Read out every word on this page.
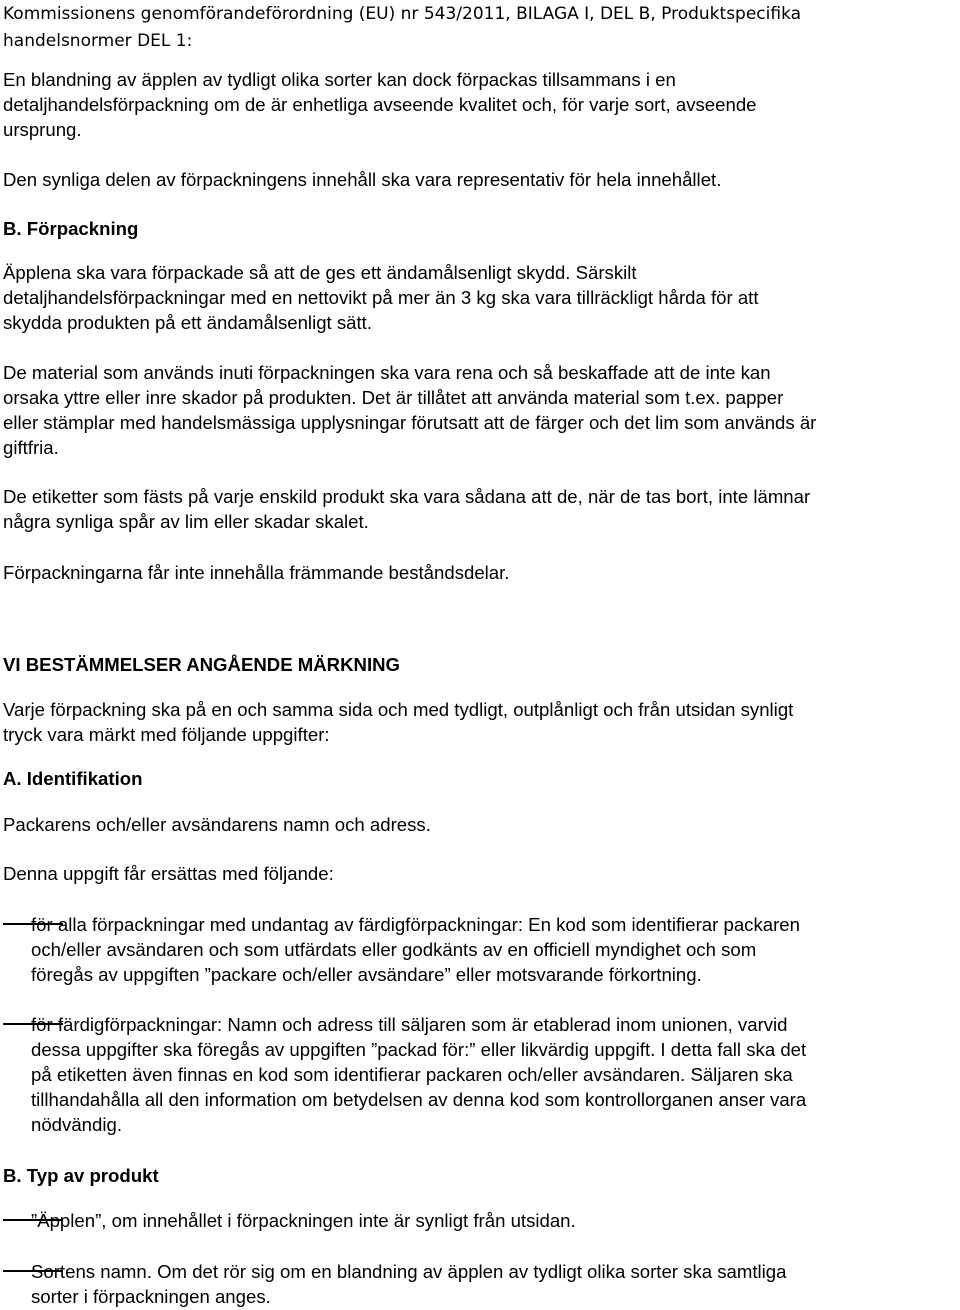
Kommissionens genomförandeförordning (EU) nr 543/2011, BILAGA I, DEL B, Produktspecifika
handelsnormer DEL 1:
En blandning av äpplen av tydligt olika sorter kan dock förpackas tillsammans i en
detaljhandelsförpackning om de är enhetliga avseende kvalitet och, för varje sort, avseende
ursprung.
Den synliga delen av förpackningens innehåll ska vara representativ för hela innehållet.
B. Förpackning
Äpplena ska vara förpackade så att de ges ett ändamålsenligt skydd. Särskilt
detaljhandelsförpackningar med en nettovikt på mer än 3 kg ska vara tillräckligt hårda för att
skydda produkten på ett ändamålsenligt sätt.
De material som används inuti förpackningen ska vara rena och så beskaffade att de inte kan
orsaka yttre eller inre skador på produkten. Det är tillåtet att använda material som t.ex. papper
eller stämplar med handelsmässiga upplysningar förutsatt att de färger och det lim som används är
giftfria.
De etiketter som fästs på varje enskild produkt ska vara sådana att de, när de tas bort, inte lämnar
några synliga spår av lim eller skadar skalet.
Förpackningarna får inte innehålla främmande beståndsdelar.
VI BESTÄMMELSER ANGÅENDE MÄRKNING
Varje förpackning ska på en och samma sida och med tydligt, outplånligt och från utsidan synligt
tryck vara märkt med följande uppgifter:
A. Identifikation
Packarens och/eller avsändarens namn och adress.
Denna uppgift får ersättas med följande:
för alla förpackningar med undantag av färdigförpackningar: En kod som identifierar packaren
och/eller avsändaren och som utfärdats eller godkänts av en officiell myndighet och som
föregås av uppgiften ”packare och/eller avsändare” eller motsvarande förkortning.
för färdigförpackningar: Namn och adress till säljaren som är etablerad inom unionen, varvid
dessa uppgifter ska föregås av uppgiften ”packad för:” eller likvärdig uppgift. I detta fall ska det
på etiketten även finnas en kod som identifierar packaren och/eller avsändaren. Säljaren ska
tillhandahålla all den information om betydelsen av denna kod som kontrollorganen anser vara
nödvändig.
B. Typ av produkt
”Äpplen”, om innehållet i förpackningen inte är synligt från utsidan.
Sortens namn. Om det rör sig om en blandning av äpplen av tydligt olika sorter ska samtliga
sorter i förpackningen anges.
